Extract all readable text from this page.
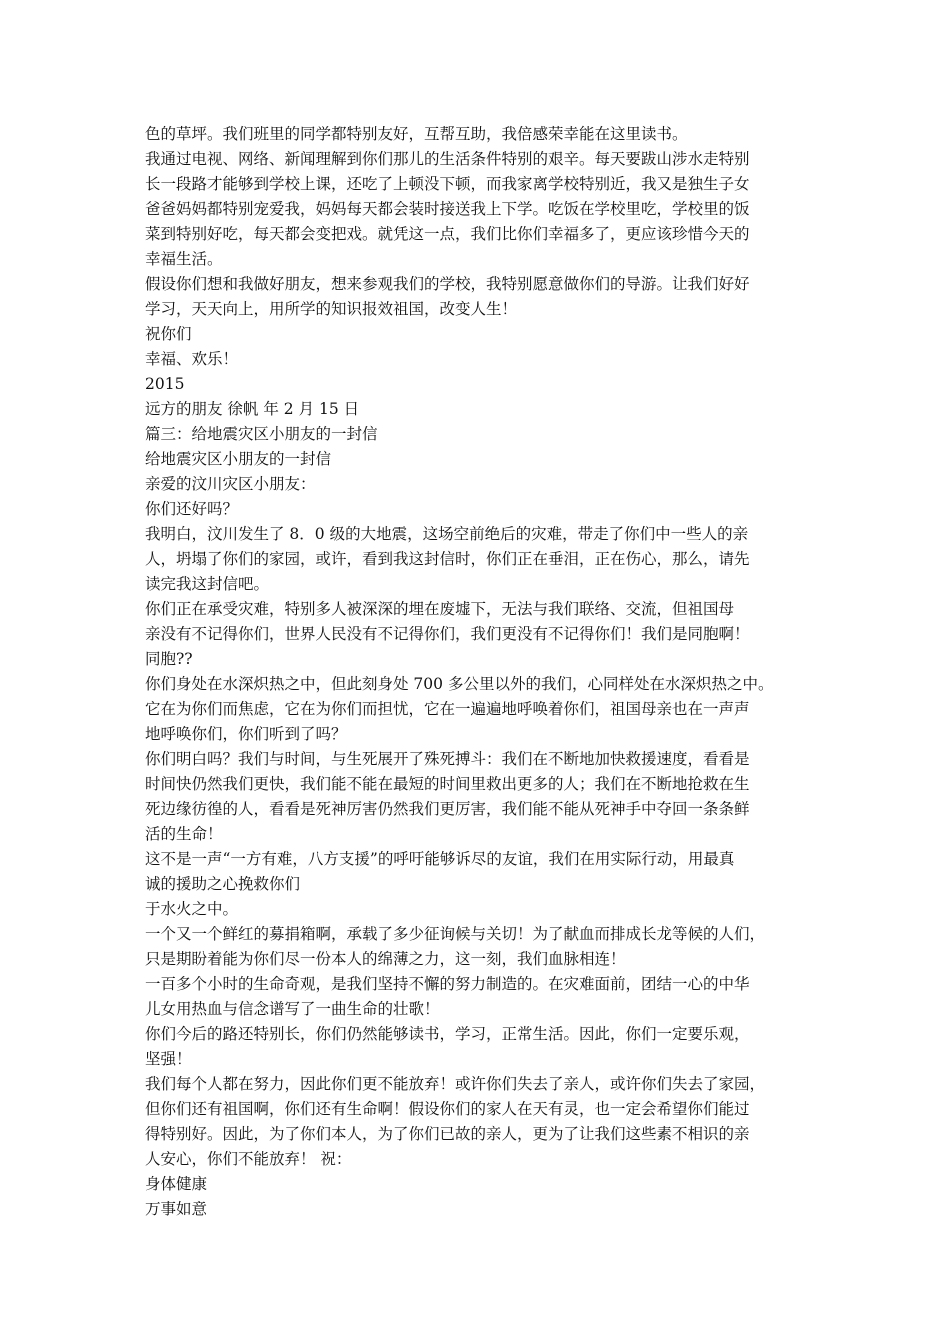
色的草坪。我们班里的同学都特别友好，互帮互助，我倍感荣幸能在这里读书。
我通过电视、网络、新闻理解到你们那儿的生活条件特别的艰辛。每天要跋山涉水走特别
长一段路才能够到学校上课，还吃了上顿没下顿，而我家离学校特别近，我又是独生子女
爸爸妈妈都特别宠爱我，妈妈每天都会装时接送我上下学。吃饭在学校里吃，学校里的饭
菜到特别好吃，每天都会变把戏。就凭这一点，我们比你们幸福多了，更应该珍惜今天的
幸福生活。
假设你们想和我做好朋友，想来参观我们的学校，我特别愿意做你们的导游。让我们好好
学习，天天向上，用所学的知识报效祖国，改变人生！
祝你们
幸福、欢乐！
2015
远方的朋友 徐帆 年 2 月 15 日
篇三：给地震灾区小朋友的一封信
给地震灾区小朋友的一封信
亲爱的汶川灾区小朋友：
你们还好吗？
我明白，汶川发生了 8．0 级的大地震，这场空前绝后的灾难，带走了你们中一些人的亲
人，坍塌了你们的家园，或许，看到我这封信时，你们正在垂泪，正在伤心，那么，请先
读完我这封信吧。
你们正在承受灾难，特别多人被深深的埋在废墟下，无法与我们联络、交流，但祖国母
亲没有不记得你们，世界人民没有不记得你们，我们更没有不记得你们！我们是同胞啊！
同胞??
你们身处在水深炽热之中，但此刻身处 700 多公里以外的我们，心同样处在水深炽热之中。
它在为你们而焦虑，它在为你们而担忧，它在一遍遍地呼唤着你们，祖国母亲也在一声声
地呼唤你们，你们听到了吗？
你们明白吗？我们与时间，与生死展开了殊死搏斗：我们在不断地加快救援速度，看看是
时间快仍然我们更快，我们能不能在最短的时间里救出更多的人；我们在不断地抢救在生
死边缘彷徨的人，看看是死神厉害仍然我们更厉害，我们能不能从死神手中夺回一条条鲜
活的生命！
这不是一声“一方有难，八方支援”的呼吁能够诉尽的友谊，我们在用实际行动，用最真
诚的援助之心挽救你们
于水火之中。
一个又一个鲜红的募捐箱啊，承载了多少征询候与关切！为了献血而排成长龙等候的人们，
只是期盼着能为你们尽一份本人的绵薄之力，这一刻，我们血脉相连！
一百多个小时的生命奇观，是我们坚持不懈的努力制造的。在灾难面前，团结一心的中华
儿女用热血与信念谱写了一曲生命的壮歌！
你们今后的路还特别长，你们仍然能够读书，学习，正常生活。因此，你们一定要乐观，
坚强！
我们每个人都在努力，因此你们更不能放弃！或许你们失去了亲人，或许你们失去了家园，
但你们还有祖国啊，你们还有生命啊！假设你们的家人在天有灵，也一定会希望你们能过
得特别好。因此，为了你们本人，为了你们已故的亲人，更为了让我们这些素不相识的亲
人安心，你们不能放弃！ 祝：
身体健康
万事如意
